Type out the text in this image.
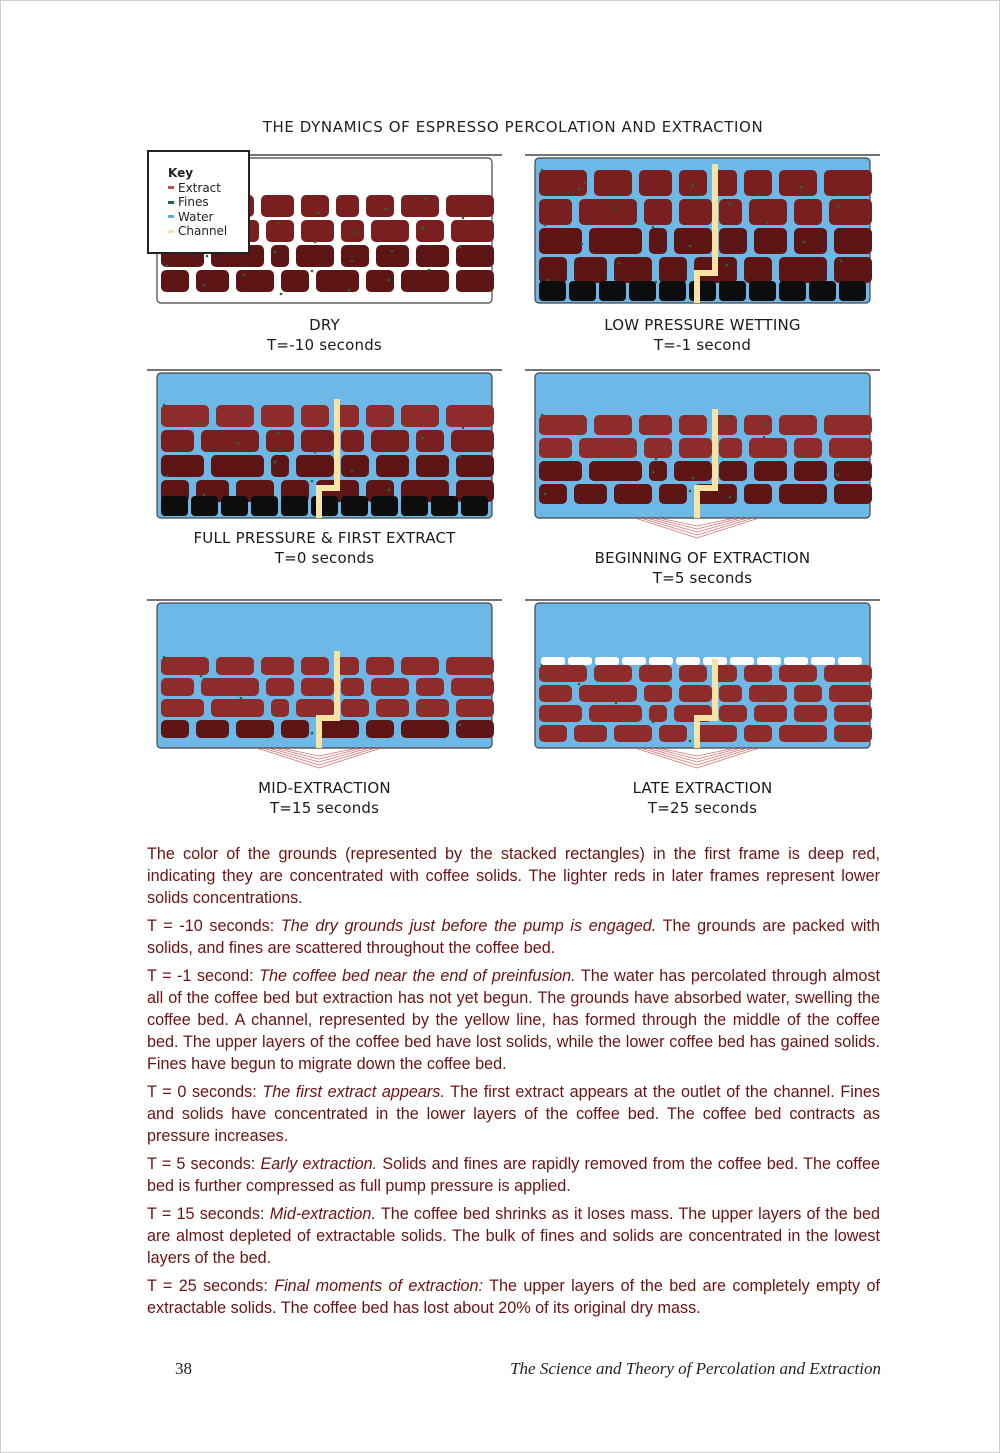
THE DYNAMICS OF ESPRESSO PERCOLATION AND EXTRACTION
Key
Extract
Fines
Water
Channel
DRY
T=-10 seconds
LOW PRESSURE WETTING
T=-1 second
FULL PRESSURE & FIRST EXTRACT
T=0 seconds	BEGINNING OF EXTRACTION
T=5 seconds
MID-EXTRACTION
T=15 seconds
LATE EXTRACTION
T=25 seconds

The color of the grounds (represented by the stacked rectangles) in the first frame is deep red, indicating they are concentrated with coffee solids. The lighter reds in later frames represent lower solids concentrations.

T = -10 seconds: The dry grounds just before the pump is engaged. The grounds are packed with solids, and fines are scattered throughout the coffee bed.

T = -1 second: The coffee bed near the end of preinfusion. The water has percolated through almost all of the coffee bed but extraction has not yet begun. The grounds have absorbed water, swelling the coffee bed. A channel, represented by the yellow line, has formed through the middle of the coffee bed. The upper layers of the coffee bed have lost solids, while the lower coffee bed has gained solids. Fines have begun to migrate down the coffee bed.

T = 0 seconds: The first extract appears. The first extract appears at the outlet of the channel. Fines and solids have concentrated in the lower layers of the coffee bed. The coffee bed contracts as pressure increases.

T = 5 seconds: Early extraction. Solids and fines are rapidly removed from the coffee bed. The coffee bed is further compressed as full pump pressure is applied.

T = 15 seconds: Mid-extraction. The coffee bed shrinks as it loses mass. The upper layers of the bed are almost depleted of extractable solids. The bulk of fines and solids are concentrated in the lowest layers of the bed.

T = 25 seconds: Final moments of extraction: The upper layers of the bed are completely empty of extractable solids. The coffee bed has lost about 20% of its original dry mass.

38	The Science and Theory of Percolation and Extraction
